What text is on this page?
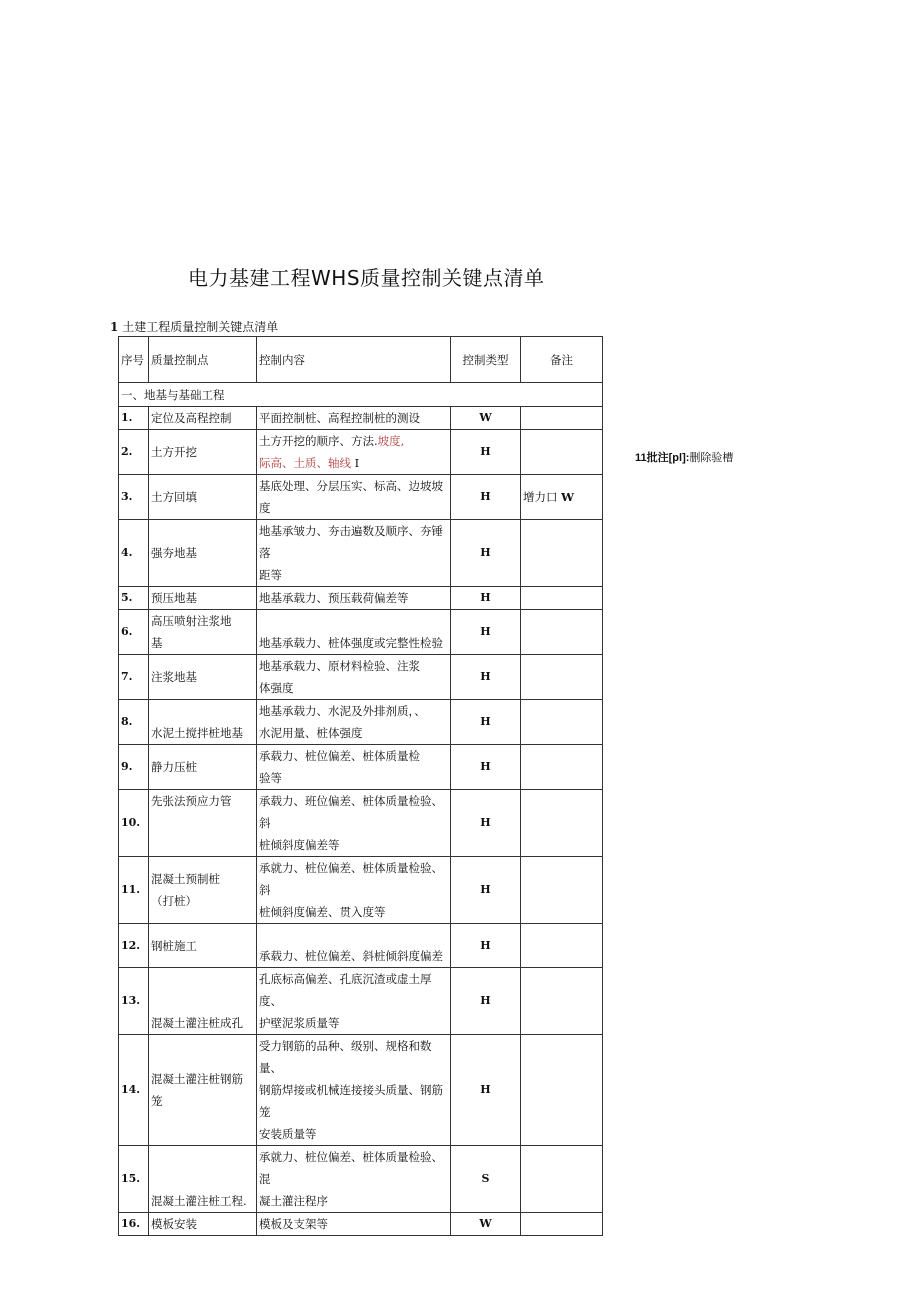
电力基建工程WHS质量控制关键点清单
1 土建工程质量控制关键点清单
11批注[pl]:删除验槽
序号	质量控制点	控制内容	控制类型	备注
一、地基与基础工程				
1.	定位及高程控制	平面控制桩、高程控制桩的测设	W	
2.	土方开挖	土方开挖的顺序、方法.坡度,
际高、土质、轴线 I	H	
3.	土方回填	基底处理、分层压实、标高、边坡坡度	H	增力口 W
4.	强夯地基	地基承皱力、夯击遍数及顺序、夯锤落
距等	H	
5.	预压地基	地基承载力、预压载荷偏差等	H	
6.	高压喷射注浆地
基	地基承载力、桩体强度或完整性检验	H	
7.	注浆地基	地基承载力、原材料检验、注浆
体强度	H	
8.	水泥土搅拌桩地基	地基承载力、水泥及外排剂质，、
水泥用量、桩体强度	H	
9.	静力压桩	承载力、桩位偏差、桩体质量检
验等	H	
10.	先张法预应力管	承载力、班位偏差、桩体质量检验、斜
桩倾斜度偏差等	H	
11.	混凝土预制桩
（打桩）	承就力、桩位偏差、桩体质量检验、斜
桩倾斜度偏差、贯入度等	H	
12.	钢桩施工	承载力、桩位偏差、斜桩倾斜度偏差	H	
13.	混凝土灌注桩成孔	孔底标高偏差、孔底沉渣或虚土厚度、
护壁泥浆质量等	H	
14.	混凝土灌注桩钢筋笼	受力钢筋的品种、级别、规格和数量、
钢筋焊接或机械连接接头质量、钢筋笼
安装质量等	H	
15.	混凝土灌注桩工程.	承就力、桩位偏差、桩体质量检验、混
凝土灌注程序	S	
16.	模板安装	模板及支架等	W	
